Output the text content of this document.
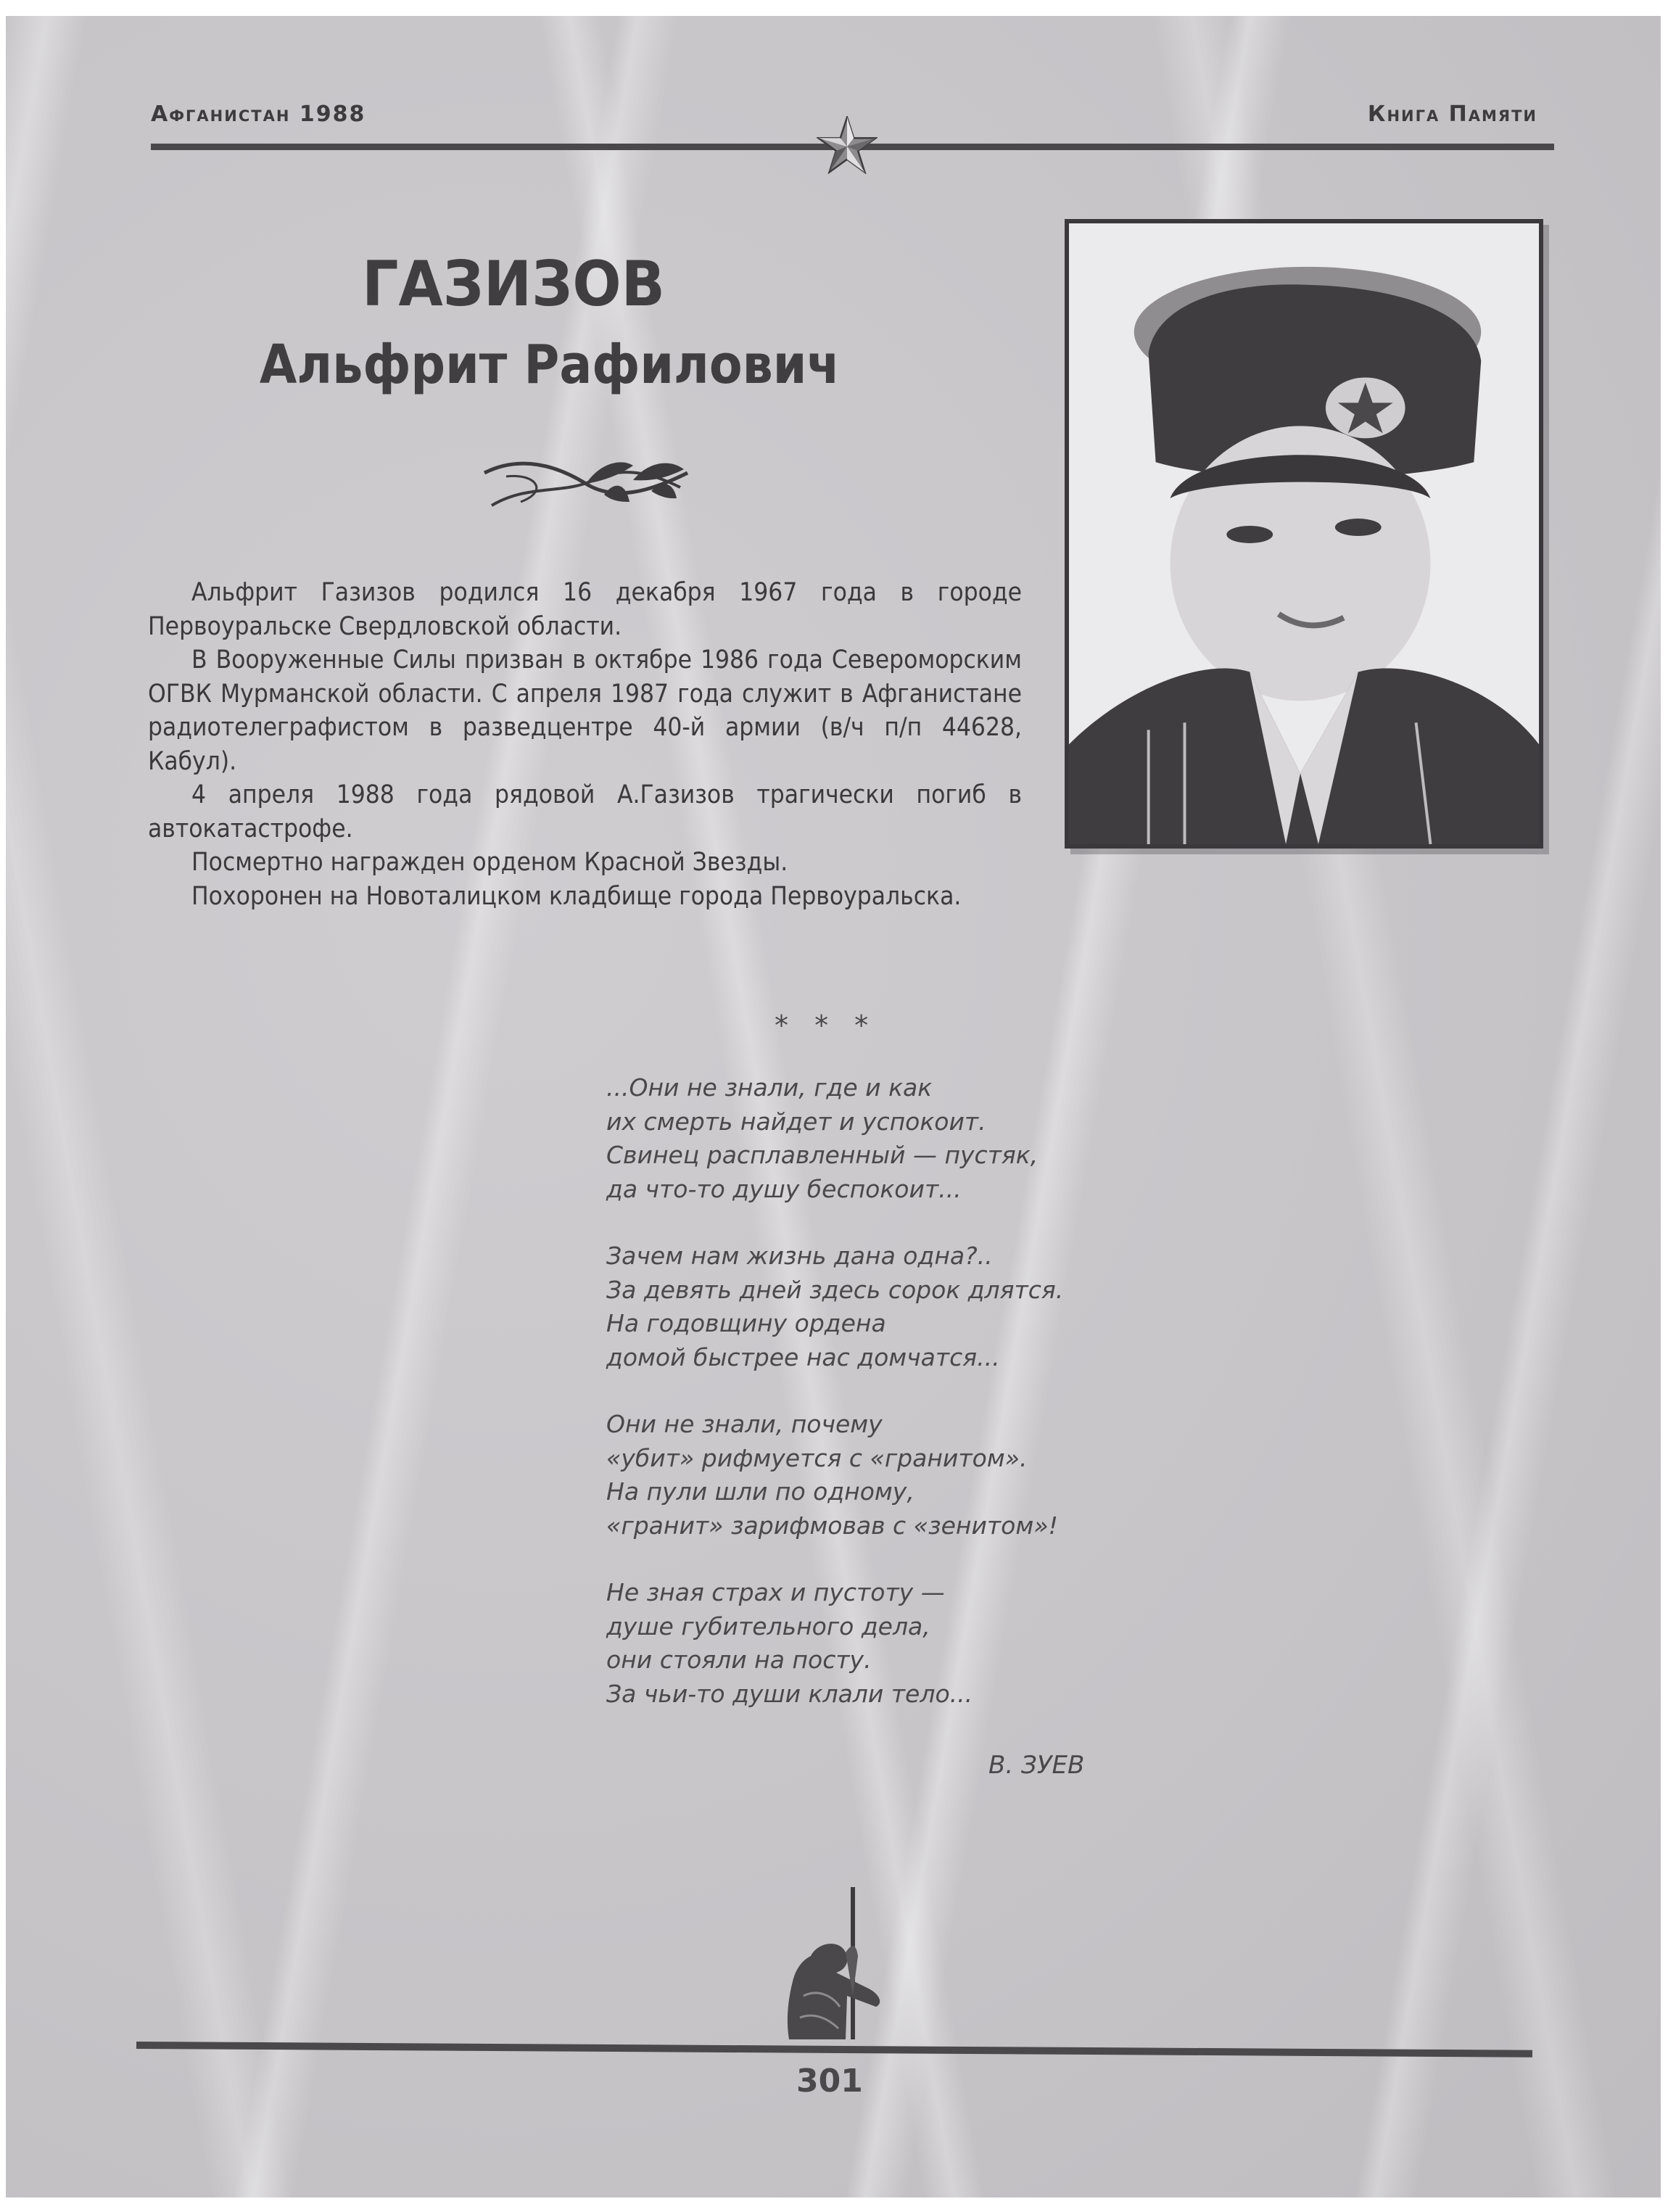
Афганистан 1988	Книга Памяти
ГАЗИЗОВ
Альфрит Рафилович

Альфрит Газизов родился 16 декабря 1967 года в городе Первоуральске Свердловской области.

В Вооруженные Силы призван в октябре 1986 года Североморским ОГВК Мурманской области. С апреля 1987 года служит в Афганистане радиотелеграфистом в разведцентре 40-й армии (в/ч п/п 44628, Кабул).

4 апреля 1988 года рядовой А.Газизов трагически погиб в автокатастрофе.

Посмертно награжден орденом Красной Звезды.

Похоронен на Новоталицком кладбище города Первоуральска.

* * *
...Они не знали, где и как
их смерть найдет и успокоит.
Свинец расплавленный — пустяк,
да что-то душу беспокоит...
Зачем нам жизнь дана одна?..
За девять дней здесь сорок длятся.
На годовщину ордена
домой быстрее нас домчатся...
Они не знали, почему
«убит» рифмуется с «гранитом».
На пули шли по одному,
«гранит» зарифмовав с «зенитом»!
Не зная страх и пустоту —
душе губительного дела,
они стояли на посту.
За чьи-то души клали тело...
В. ЗУЕВ
301
